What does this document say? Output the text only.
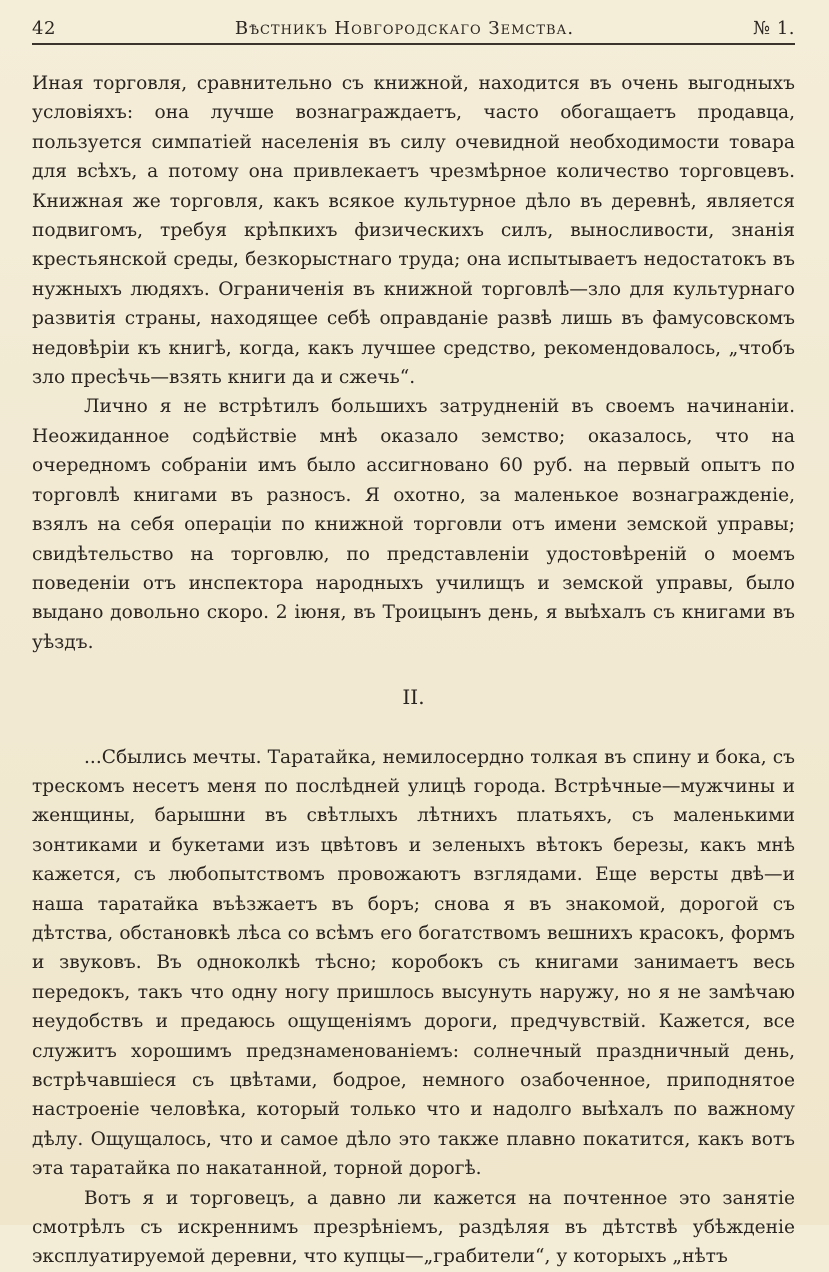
42	Вѣстникъ Новгородскаго Земства.	№ 1.

Иная торговля, сравнительно съ книжной, находится въ очень выгодныхъ условіяхъ: она лучше вознаграждаетъ, часто обогащаетъ продавца, пользуется симпатіей населенія въ силу очевидной необходимости товара для всѣхъ, а потому она привлекаетъ чрезмѣрное количество торговцевъ. Книжная же торговля, какъ всякое культурное дѣло въ деревнѣ, является подвигомъ, требуя крѣпкихъ физическихъ силъ, выносливости, знанія крестьянской среды, безкорыстнаго труда; она испытываетъ недостатокъ въ нужныхъ людяхъ. Ограниченія въ книжной торговлѣ—зло для культурнаго развитія страны, находящее себѣ оправданіе развѣ лишь въ фамусовскомъ недовѣріи къ книгѣ, когда, какъ лучшее средство, рекомендовалось, „чтобъ зло пресѣчь—взять книги да и сжечь“.

Лично я не встрѣтилъ большихъ затрудненій въ своемъ начинаніи. Неожиданное содѣйствіе мнѣ оказало земство; оказалось, что на очередномъ собраніи имъ было ассигновано 60 руб. на первый опытъ по торговлѣ книгами въ разносъ. Я охотно, за маленькое вознагражденіе, взялъ на себя операціи по книжной торговли отъ имени земской управы; свидѣтельство на торговлю, по представленіи удостовѣреній о моемъ поведеніи отъ инспектора народныхъ училищъ и земской управы, было выдано довольно скоро. 2 іюня, въ Троицынъ день, я выѣхалъ съ книгами въ уѣздъ.

II.

...Сбылись мечты. Таратайка, немилосердно толкая въ спину и бока, съ трескомъ несетъ меня по послѣдней улицѣ города. Встрѣчные—мужчины и женщины, барышни въ свѣтлыхъ лѣтнихъ платьяхъ, съ маленькими зонтиками и букетами изъ цвѣтовъ и зеленыхъ вѣтокъ березы, какъ мнѣ кажется, съ любопытствомъ провожаютъ взглядами. Еще версты двѣ—и наша таратайка въѣзжаетъ въ боръ; снова я въ знакомой, дорогой съ дѣтства, обстановкѣ лѣса со всѣмъ его богатствомъ вешнихъ красокъ, формъ и звуковъ. Въ одноколкѣ тѣсно; коробокъ съ книгами занимаетъ весь передокъ, такъ что одну ногу пришлось высунуть наружу, но я не замѣчаю неудобствъ и предаюсь ощущеніямъ дороги, предчувствій. Кажется, все служитъ хорошимъ предзнаменованіемъ: солнечный праздничный день, встрѣчавшіеся съ цвѣтами, бодрое, немного озабоченное, приподнятое настроеніе человѣка, который только что и надолго выѣхалъ по важному дѣлу. Ощущалось, что и самое дѣло это также плавно покатится, какъ вотъ эта таратайка по накатанной, торной дорогѣ.

Вотъ я и торговецъ, а давно ли кажется на почтенное это занятіе смотрѣлъ съ искреннимъ презрѣніемъ, раздѣляя въ дѣтствѣ убѣжденіе эксплуатируемой деревни, что купцы—„грабители“, у которыхъ „нѣтъ
